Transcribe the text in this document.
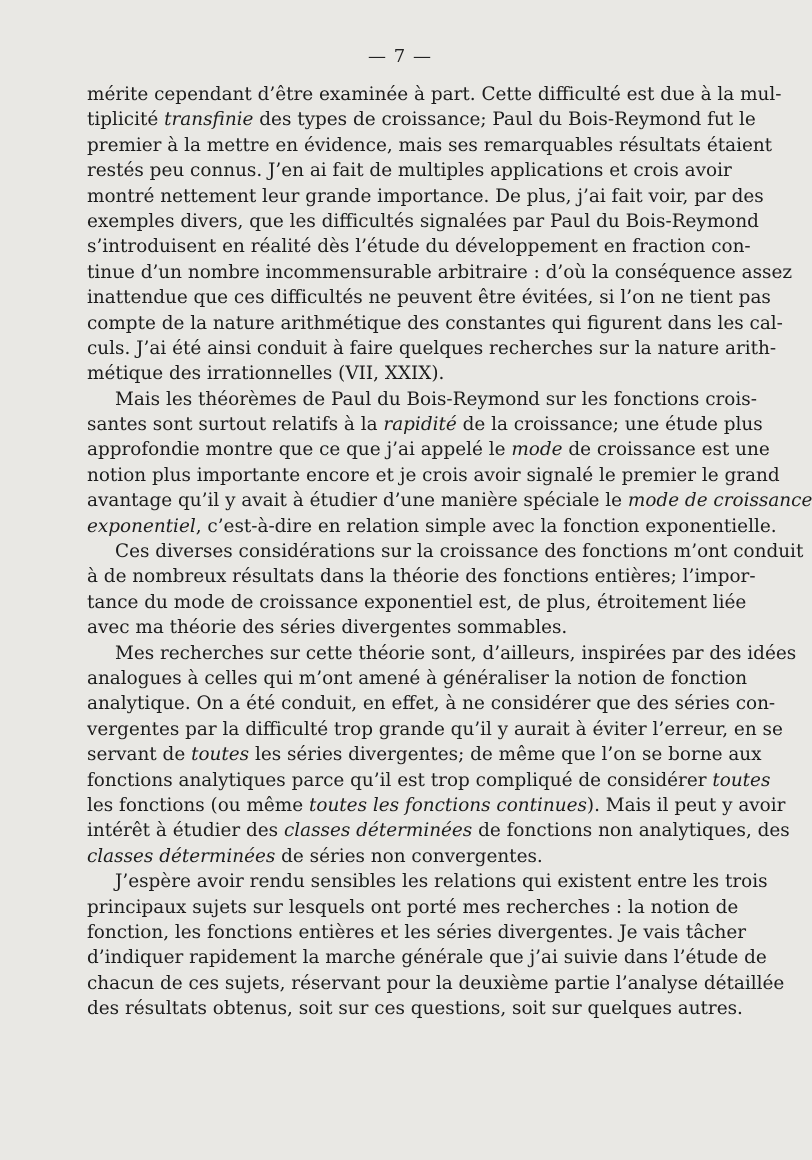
— 7 —
mérite cependant d’être examinée à part. Cette difficulté est due à la mul-
tiplicité transfinie des types de croissance; Paul du Bois-Reymond fut le
premier à la mettre en évidence, mais ses remarquables résultats étaient
restés peu connus. J’en ai fait de multiples applications et crois avoir
montré nettement leur grande importance. De plus, j’ai fait voir, par des
exemples divers, que les difficultés signalées par Paul du Bois-Reymond
s’introduisent en réalité dès l’étude du développement en fraction con-
tinue d’un nombre incommensurable arbitraire : d’où la conséquence assez
inattendue que ces difficultés ne peuvent être évitées, si l’on ne tient pas
compte de la nature arithmétique des constantes qui figurent dans les cal-
culs. J’ai été ainsi conduit à faire quelques recherches sur la nature arith-
métique des irrationnelles (VII, XXIX).
Mais les théorèmes de Paul du Bois-Reymond sur les fonctions crois-
santes sont surtout relatifs à la rapidité de la croissance; une étude plus
approfondie montre que ce que j’ai appelé le mode de croissance est une
notion plus importante encore et je crois avoir signalé le premier le grand
avantage qu’il y avait à étudier d’une manière spéciale le mode de croissance
exponentiel, c’est-à-dire en relation simple avec la fonction exponentielle.
Ces diverses considérations sur la croissance des fonctions m’ont conduit
à de nombreux résultats dans la théorie des fonctions entières; l’impor-
tance du mode de croissance exponentiel est, de plus, étroitement liée
avec ma théorie des séries divergentes sommables.
Mes recherches sur cette théorie sont, d’ailleurs, inspirées par des idées
analogues à celles qui m’ont amené à généraliser la notion de fonction
analytique. On a été conduit, en effet, à ne considérer que des séries con-
vergentes par la difficulté trop grande qu’il y aurait à éviter l’erreur, en se
servant de toutes les séries divergentes; de même que l’on se borne aux
fonctions analytiques parce qu’il est trop compliqué de considérer toutes
les fonctions (ou même toutes les fonctions continues). Mais il peut y avoir
intérêt à étudier des classes déterminées de fonctions non analytiques, des
classes déterminées de séries non convergentes.
J’espère avoir rendu sensibles les relations qui existent entre les trois
principaux sujets sur lesquels ont porté mes recherches : la notion de
fonction, les fonctions entières et les séries divergentes. Je vais tâcher
d’indiquer rapidement la marche générale que j’ai suivie dans l’étude de
chacun de ces sujets, réservant pour la deuxième partie l’analyse détaillée
des résultats obtenus, soit sur ces questions, soit sur quelques autres.
